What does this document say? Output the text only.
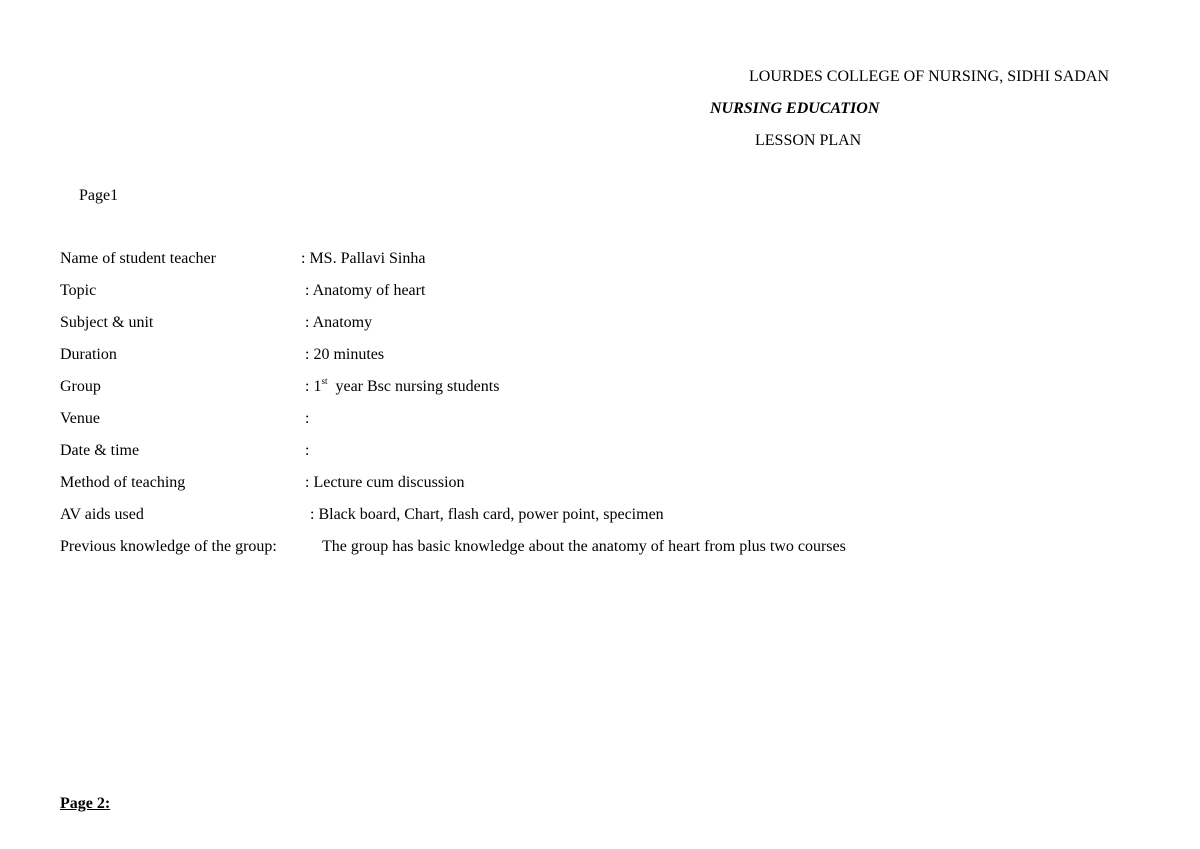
LOURDES COLLEGE OF NURSING, SIDHI SADAN
NURSING EDUCATION
LESSON PLAN
Page1
Name of student teacher	: MS. Pallavi Sinha
Topic	: Anatomy of heart
Subject & unit	: Anatomy
Duration	: 20 minutes
Group	: 1st  year Bsc nursing students
Venue	:
Date & time	:
Method of teaching	: Lecture cum discussion
AV aids used	: Black board, Chart, flash card, power point, specimen
Previous knowledge of the group:	The group has basic knowledge about the anatomy of heart from plus two courses
Page 2:
